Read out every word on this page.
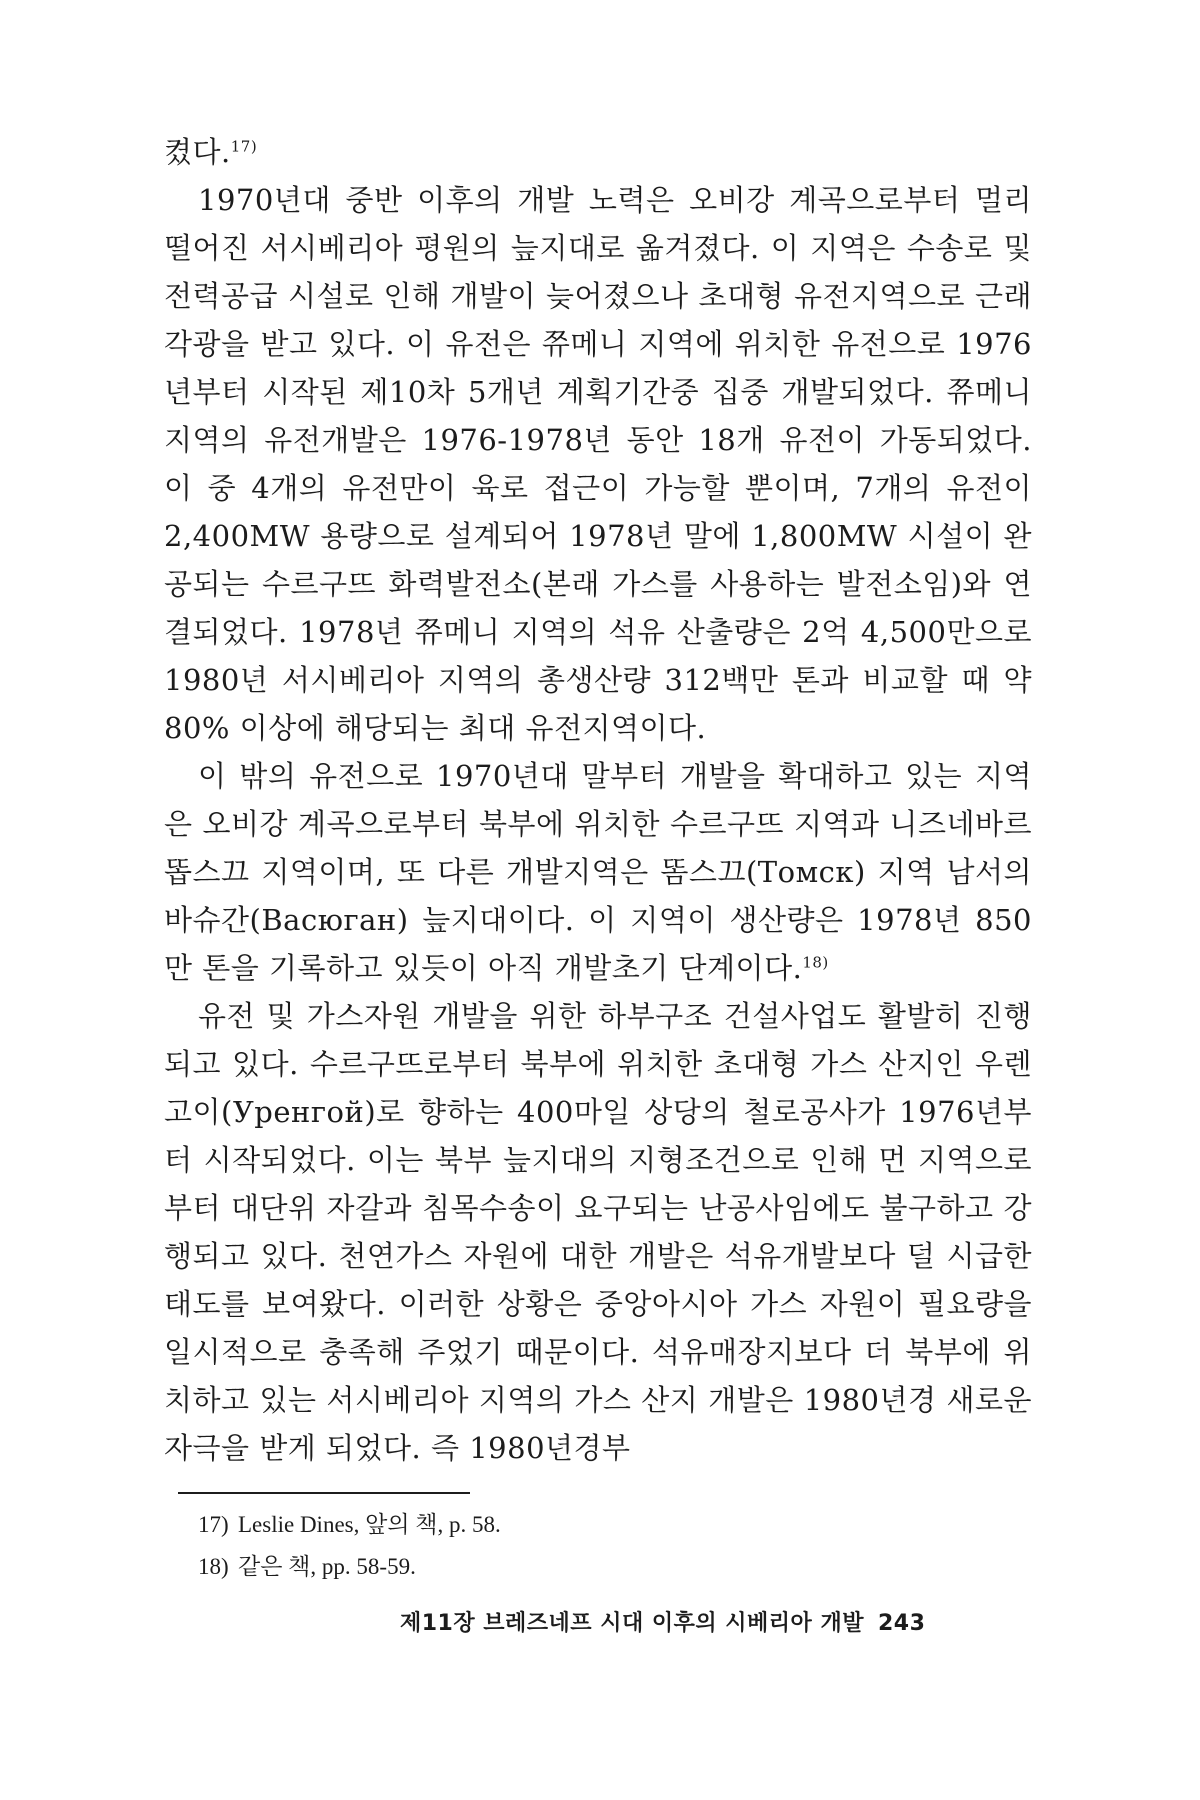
켰다.$^{17)}$

1970년대 중반 이후의 개발 노력은 오비강 계곡으로부터 멀리 떨어진 서시베리아 평원의 늪지대로 옮겨졌다. 이 지역은 수송로 및 전력공급 시설로 인해 개발이 늦어졌으나 초대형 유전지역으로 근래 각광을 받고 있다. 이 유전은 쮸메니 지역에 위치한 유전으로 1976년부터 시작된 제10차 5개년 계획기간중 집중 개발되었다. 쮸메니 지역의 유전개발은 1976-1978년 동안 18개 유전이 가동되었다. 이 중 4개의 유전만이 육로 접근이 가능할 뿐이며, 7개의 유전이 2,400MW 용량으로 설계되어 1978년 말에 1,800MW 시설이 완공되는 수르구뜨 화력발전소(본래 가스를 사용하는 발전소임)와 연결되었다. 1978년 쮸메니 지역의 석유 산출량은 2억 4,500만으로 1980년 서시베리아 지역의 총생산량 312백만 톤과 비교할 때 약 80% 이상에 해당되는 최대 유전지역이다.

이 밖의 유전으로 1970년대 말부터 개발을 확대하고 있는 지역은 오비강 계곡으로부터 북부에 위치한 수르구뜨 지역과 니즈네바르똡스끄 지역이며, 또 다른 개발지역은 똠스끄(Томск) 지역 남서의 바슈간(Васюган) 늪지대이다. 이 지역이 생산량은 1978년 850만 톤을 기록하고 있듯이 아직 개발초기 단계이다.$^{18)}$

유전 및 가스자원 개발을 위한 하부구조 건설사업도 활발히 진행되고 있다. 수르구뜨로부터 북부에 위치한 초대형 가스 산지인 우렌고이(Уренгой)로 향하는 400마일 상당의 철로공사가 1976년부터 시작되었다. 이는 북부 늪지대의 지형조건으로 인해 먼 지역으로부터 대단위 자갈과 침목수송이 요구되는 난공사임에도 불구하고 강행되고 있다. 천연가스 자원에 대한 개발은 석유개발보다 덜 시급한 태도를 보여왔다. 이러한 상황은 중앙아시아 가스 자원이 필요량을 일시적으로 충족해 주었기 때문이다. 석유매장지보다 더 북부에 위치하고 있는 서시베리아 지역의 가스 산지 개발은 1980년경 새로운 자극을 받게 되었다. 즉 1980년경부

17) Leslie Dines, 앞의 책, p. 58.

18) 같은 책, pp. 58-59.

제11장 브레즈네프 시대 이후의 시베리아 개발 243
